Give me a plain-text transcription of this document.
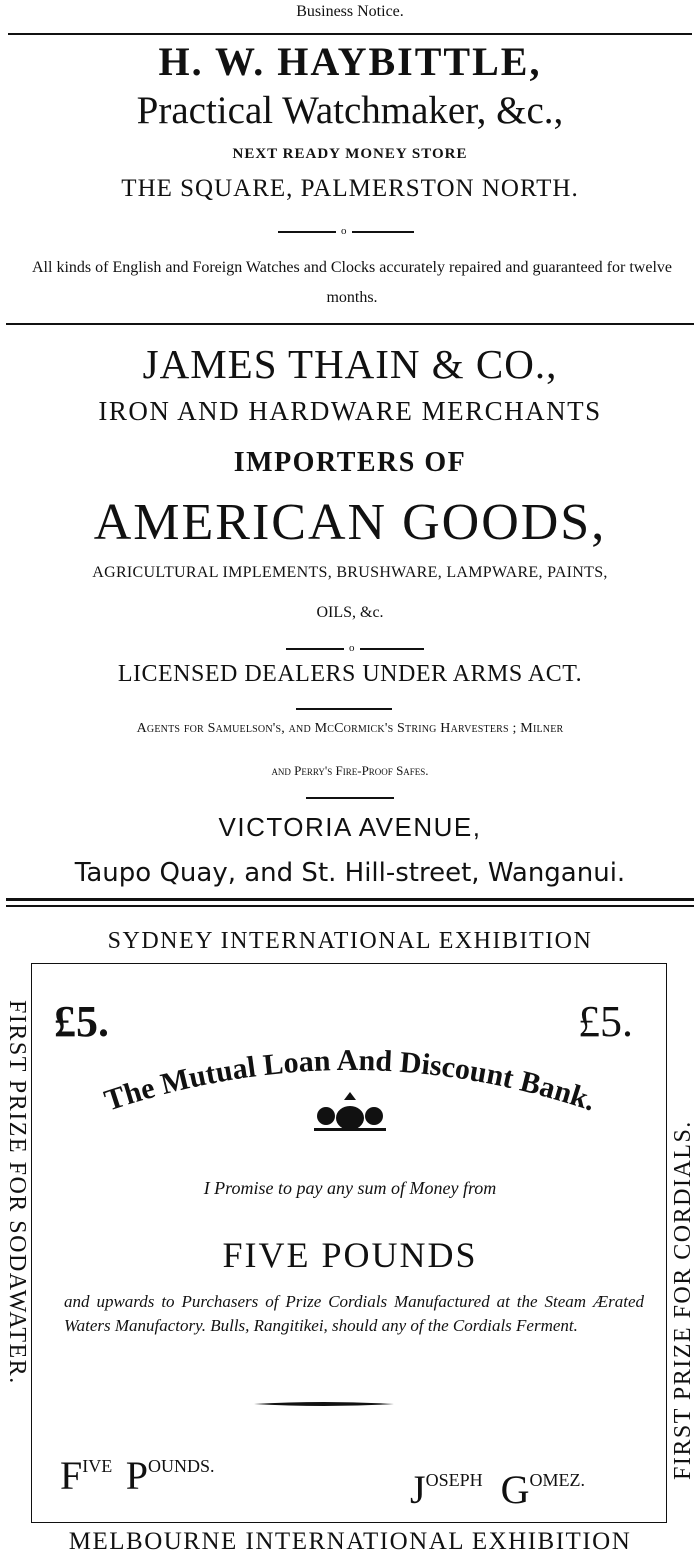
Business Notice.
H. W. HAYBITTLE,
Practical Watchmaker, &c.,
NEXT READY MONEY STORE
THE SQUARE, PALMERSTON NORTH.
o
All kinds of English and Foreign Watches and Clocks accurately repaired and guaranteed for twelve months.
JAMES THAIN & CO.,
IRON AND HARDWARE MERCHANTS
IMPORTERS OF
AMERICAN GOODS,
AGRICULTURAL IMPLEMENTS, BRUSHWARE, LAMPWARE, PAINTS,
OILS, &c.
o
LICENSED DEALERS UNDER ARMS ACT.
Agents for Samuelson's, and McCormick's String Harvesters ; Milner
and Perry's Fire-Proof Safes.
VICTORIA AVENUE,
Taupo Quay, and St. Hill-street, Wanganui.
SYDNEY INTERNATIONAL EXHIBITION
FIRST PRIZE FOR SODAWATER.	FIRST PRIZE FOR CORDIALS.
£5.	£5.
The Mutual Loan And Discount Bank.
I Promise to pay any sum of Money from
FIVE POUNDS
and upwards to Purchasers of Prize Cordials Manufactured at the Steam Ærated Waters Manufactory. Bulls, Rangitikei, should any of the Cordials Ferment.
FIVE POUNDS.
JOSEPH GOMEZ.
MELBOURNE INTERNATIONAL EXHIBITION
